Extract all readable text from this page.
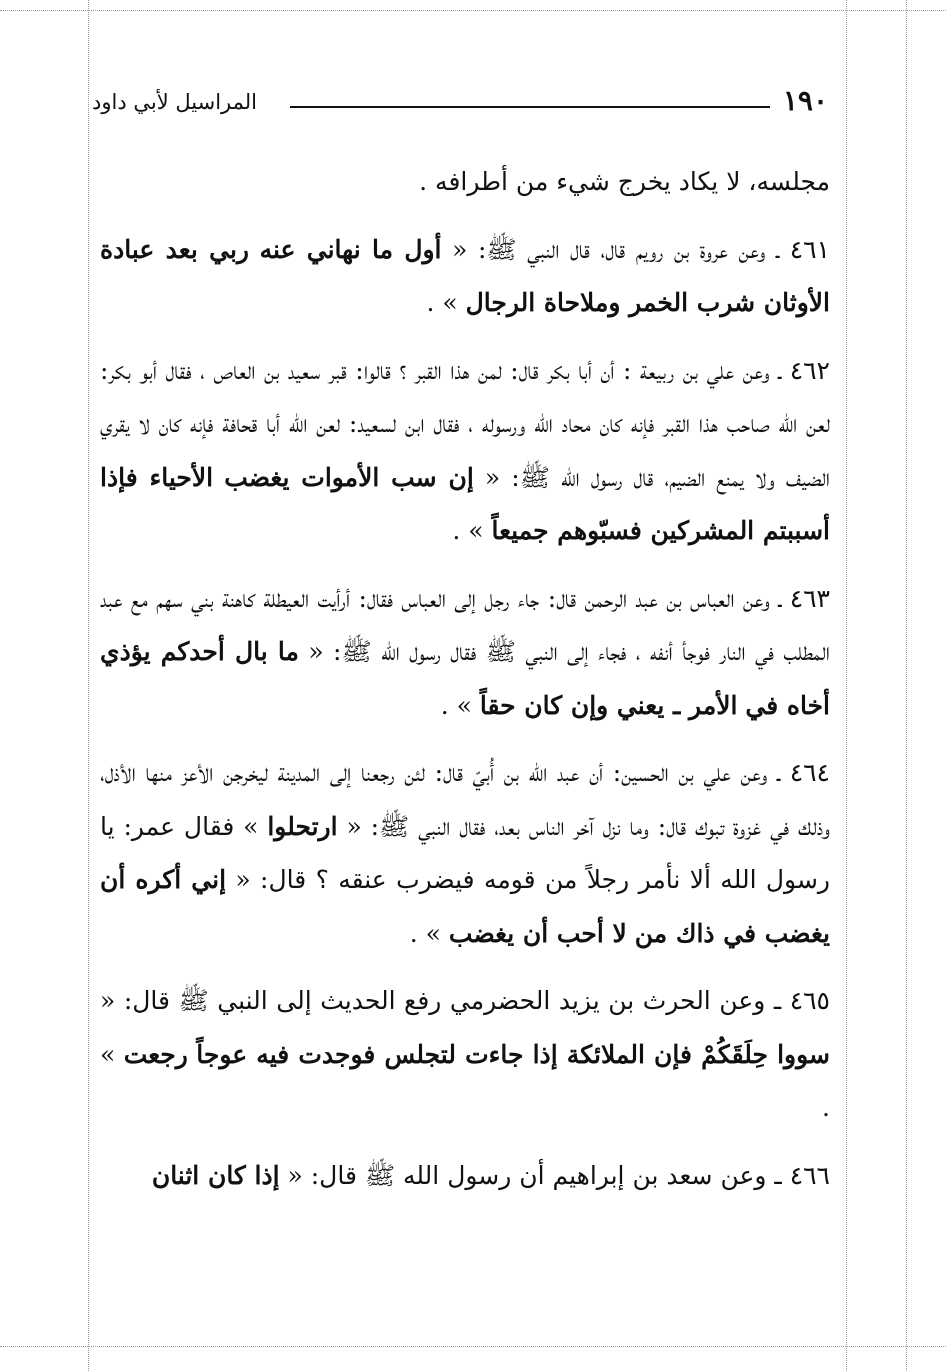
١٩٠
المراسيل لأبي داود
مجلسه، لا يكاد يخرج شيء من أطرافه .
٤٦١ ـ وعن عروة بن رويم قال، قال النبي ﷺ: « أول ما نهاني عنه ربي بعد عبادة الأوثان شرب الخمر وملاحاة الرجال » .
٤٦٢ ـ وعن علي بن ربيعة : أن أبا بكر قال: لمن هذا القبر ؟ قالوا: قبر سعيد بن العاص ، فقال أبو بكر: لعن الله صاحب هذا القبر فإنه كان محاد الله ورسوله ، فقال ابن لسعيد: لعن الله أبا قحافة فإنه كان لا يقري الضيف ولا يمنع الضيم، قال رسول الله ﷺ: « إن سب الأموات يغضب الأحياء فإذا أسببتم المشركين فسبّوهم جميعاً » .
٤٦٣ ـ وعن العباس بن عبد الرحمن قال: جاء رجل إلى العباس فقال: أرأيت العيطلة كاهنة بني سهم مع عبد المطلب في النار فوجأ أنفه ، فجاء إلى النبي ﷺ فقال رسول الله ﷺ: « ما بال أحدكم يؤذي أخاه في الأمر ـ يعني وإن كان حقاً » .
٤٦٤ ـ وعن علي بن الحسين: أن عبد الله بن أُبيّ قال: لئن رجعنا إلى المدينة ليخرجن الأعز منها الأذل، وذلك في غزوة تبوك قال: وما نزل آخر الناس بعد، فقال النبي ﷺ: « ارتحلوا » فقال عمر: يا رسول الله ألا نأمر رجلاً من قومه فيضرب عنقه ؟ قال: « إني أكره أن يغضب في ذاك من لا أحب أن يغضب » .
٤٦٥ ـ وعن الحرث بن يزيد الحضرمي رفع الحديث إلى النبي ﷺ قال: « سووا حِلَقَكُمْ فإن الملائكة إذا جاءت لتجلس فوجدت فيه عوجاً رجعت » .
٤٦٦ ـ وعن سعد بن إبراهيم أن رسول الله ﷺ قال: « إذا كان اثنان
